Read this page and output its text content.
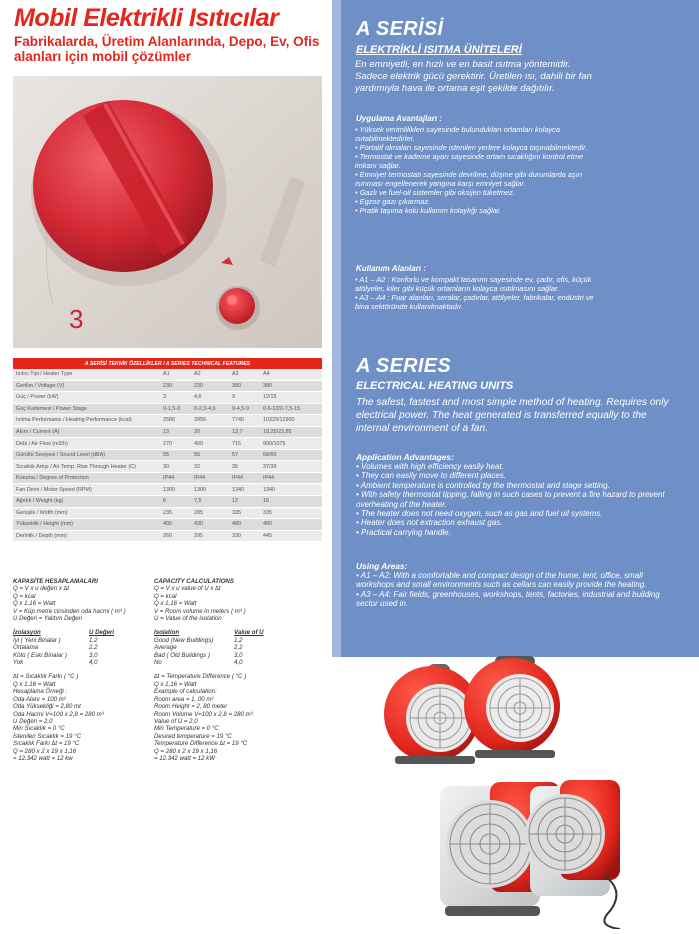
Mobil Elektrikli Isıtıcılar
Fabrikalarda, Üretim Alanlarında, Depo, Ev, Ofis alanları için mobil çözümler
3
A SERİSİ TEKNİK ÖZELLİKLER / A SERIES TECHNICAL FEATURES				
Isıtıcı Tipi / Heater Type	A1	A2	A3	A4
Gerilim / Voltage (V)	230	230	380	380
Güç / Power (kW)	3	4,6	9	12/15
Güç Kademesi / Power Stage	0-1,5-3	0-2,3-4,6	0-4,5-9	0-6-12/0-7,5-15
Isıtma Performansı / Heating Performance (kcal)	2580	3956	7740	10320/12900
Akım / Current (A)	13	20	13,7	18,25/22,85
Debi / Air Flow (m3/h)	270	400	715	900/1075
Gürültü Seviyesi / Sound Level (dBA)	55	55	57	58/60
Sıcaklık Artışı / Air Temp. Rise Through Heater (C)	30	32	35	37/39
Koruma / Degree of Protection	IP44	IP44	IP44	IP44
Fan Devri / Motor Speed (RPM)	1300	1300	1340	1340
Ağırlık / Weight (kg)	6	7,5	12	16
Genişlik / Width (mm)	235	285	335	335
Yükseklik / Height (mm)	400	430	480	480
Derinlik / Depth (mm)	260	295	330	445

KAPASİTE HESAPLAMALARI

Q = V x u değeri x ∆t

Q = kcal

Q x 1,16 = Watt

V = Küp metre cinsinden oda hacmi ( m³ )

U Değeri = Yalıtım Değeri

İzolasyon	U Değeri
İyi ( Yeni Binalar )	1,2
Ortalama	2,2
Kötü ( Eski Binalar )	3,0
Yok	4,0

∆t = Sıcaklık Farkı ( °C )

Q x 1,16 = Watt

Hesaplama Örneği :

Oda Alanı = 100 m²

Oda Yüksekliği = 2,80 mt

Oda Hacmi V=100 x 2,8 = 280 m³

U Değeri = 2,0

Min Sıcaklık = 0 °C

İstenilen Sıcaklık = 19 °C

Sıcaklık Farkı ∆t = 19 °C

Q = 280 x 2 x 19 x 1,16

= 12.342 watt = 12 kw

CAPACITY CALCULATIONS

Q = V x u value of U x ∆t

Q = kcal

Q x 1,16 = Watt

V = Room volume in meters ( m³ )

U = Value of the isolation

Isolation	Value of U
Good (New Buildings)	1,2
Average	2,2
Bad ( Old Buildings )	3,0
No	4,0

∆t = Temperature Difference ( °C )

Q x 1,16 = Watt

Example of calculation:

Room area = 1, 00 m²

Room Height = 2, 80 meter

Room Volume V=100 x 2,8 = 280 m³

Value of U = 2,0

Min Temperature = 0 °C

Desired temperature = 19 °C

Temperature Difference ∆t = 19 °C

Q = 280 x 2 x 19 x 1,16

= 12.342 watt = 12 kW

A SERİSİ
ELEKTRİKLİ ISITMA ÜNİTELERİ
En emniyetli, en hızlı ve en basit ısıtma yöntemidir. Sadece elektrik gücü gerektirir. Üretilen ısı, dahili bir fan yardımıyla hava ile ortama eşit şekilde dağıtılır.
Uygulama Avantajları :
• Yüksek verimlilikleri sayesinde bulundukları ortamları kolayca ısıtabilmektedirler.
• Portatif olmaları sayesinde istenilen yerlere kolayca taşınabilmektedir.
• Termostat ve kademe ayarı sayesinde ortam sıcaklığını kontrol etme imkanı sağlar.
• Emniyet termostatı sayesinde devrilme, düşme gibi durumlarda aşırı ısınması engellenerek yangına karşı emniyet sağlar.
• Gazlı ve fuel-oil sistemler gibi oksijen tüketmez.
• Egzoz gazı çıkarmaz.
• Pratik taşıma kolu kullanım kolaylığı sağlar.
Kullanım Alanları :
• A1 – A2 : Konforlu ve kompakt tasarımı sayesinde ev, çadır, ofis, küçük atölyeler, kiler gibi küçük ortamların kolayca ısıtılmasını sağlar.
• A3 – A4 : Fuar alanları, seralar, çadırlar, atölyeler, fabrikalar, endüstri ve bina sektöründe kullanılmaktadır.
A SERIES
ELECTRICAL HEATING UNITS
The safest, fastest and most simple method of heating. Requires only electrical power. The heat generated is transferred equally to the internal environment of a fan.
Application Advantages:
• Volumes with high efficiency easily heat.
• They can easily move to different places.
• Ambient temperature is controlled by the thermostat and stage setting.
• With safety thermostat tipping, falling in such cases to prevent a fire hazard to prevent overheating of the heater.
• The heater does not need oxygen, such as gas and fuel oil systems.
• Heater does not extraction exhaust gas.
• Practical carrying handle.
Using Areas:
• A1 – A2: With a comfortable and compact design of the home, tent, office, small workshops and small environments such as cellars can easily provide the heating.
• A3 – A4: Fair fields, greenhouses, workshops, tents, factories, industrial and building sector used in.
